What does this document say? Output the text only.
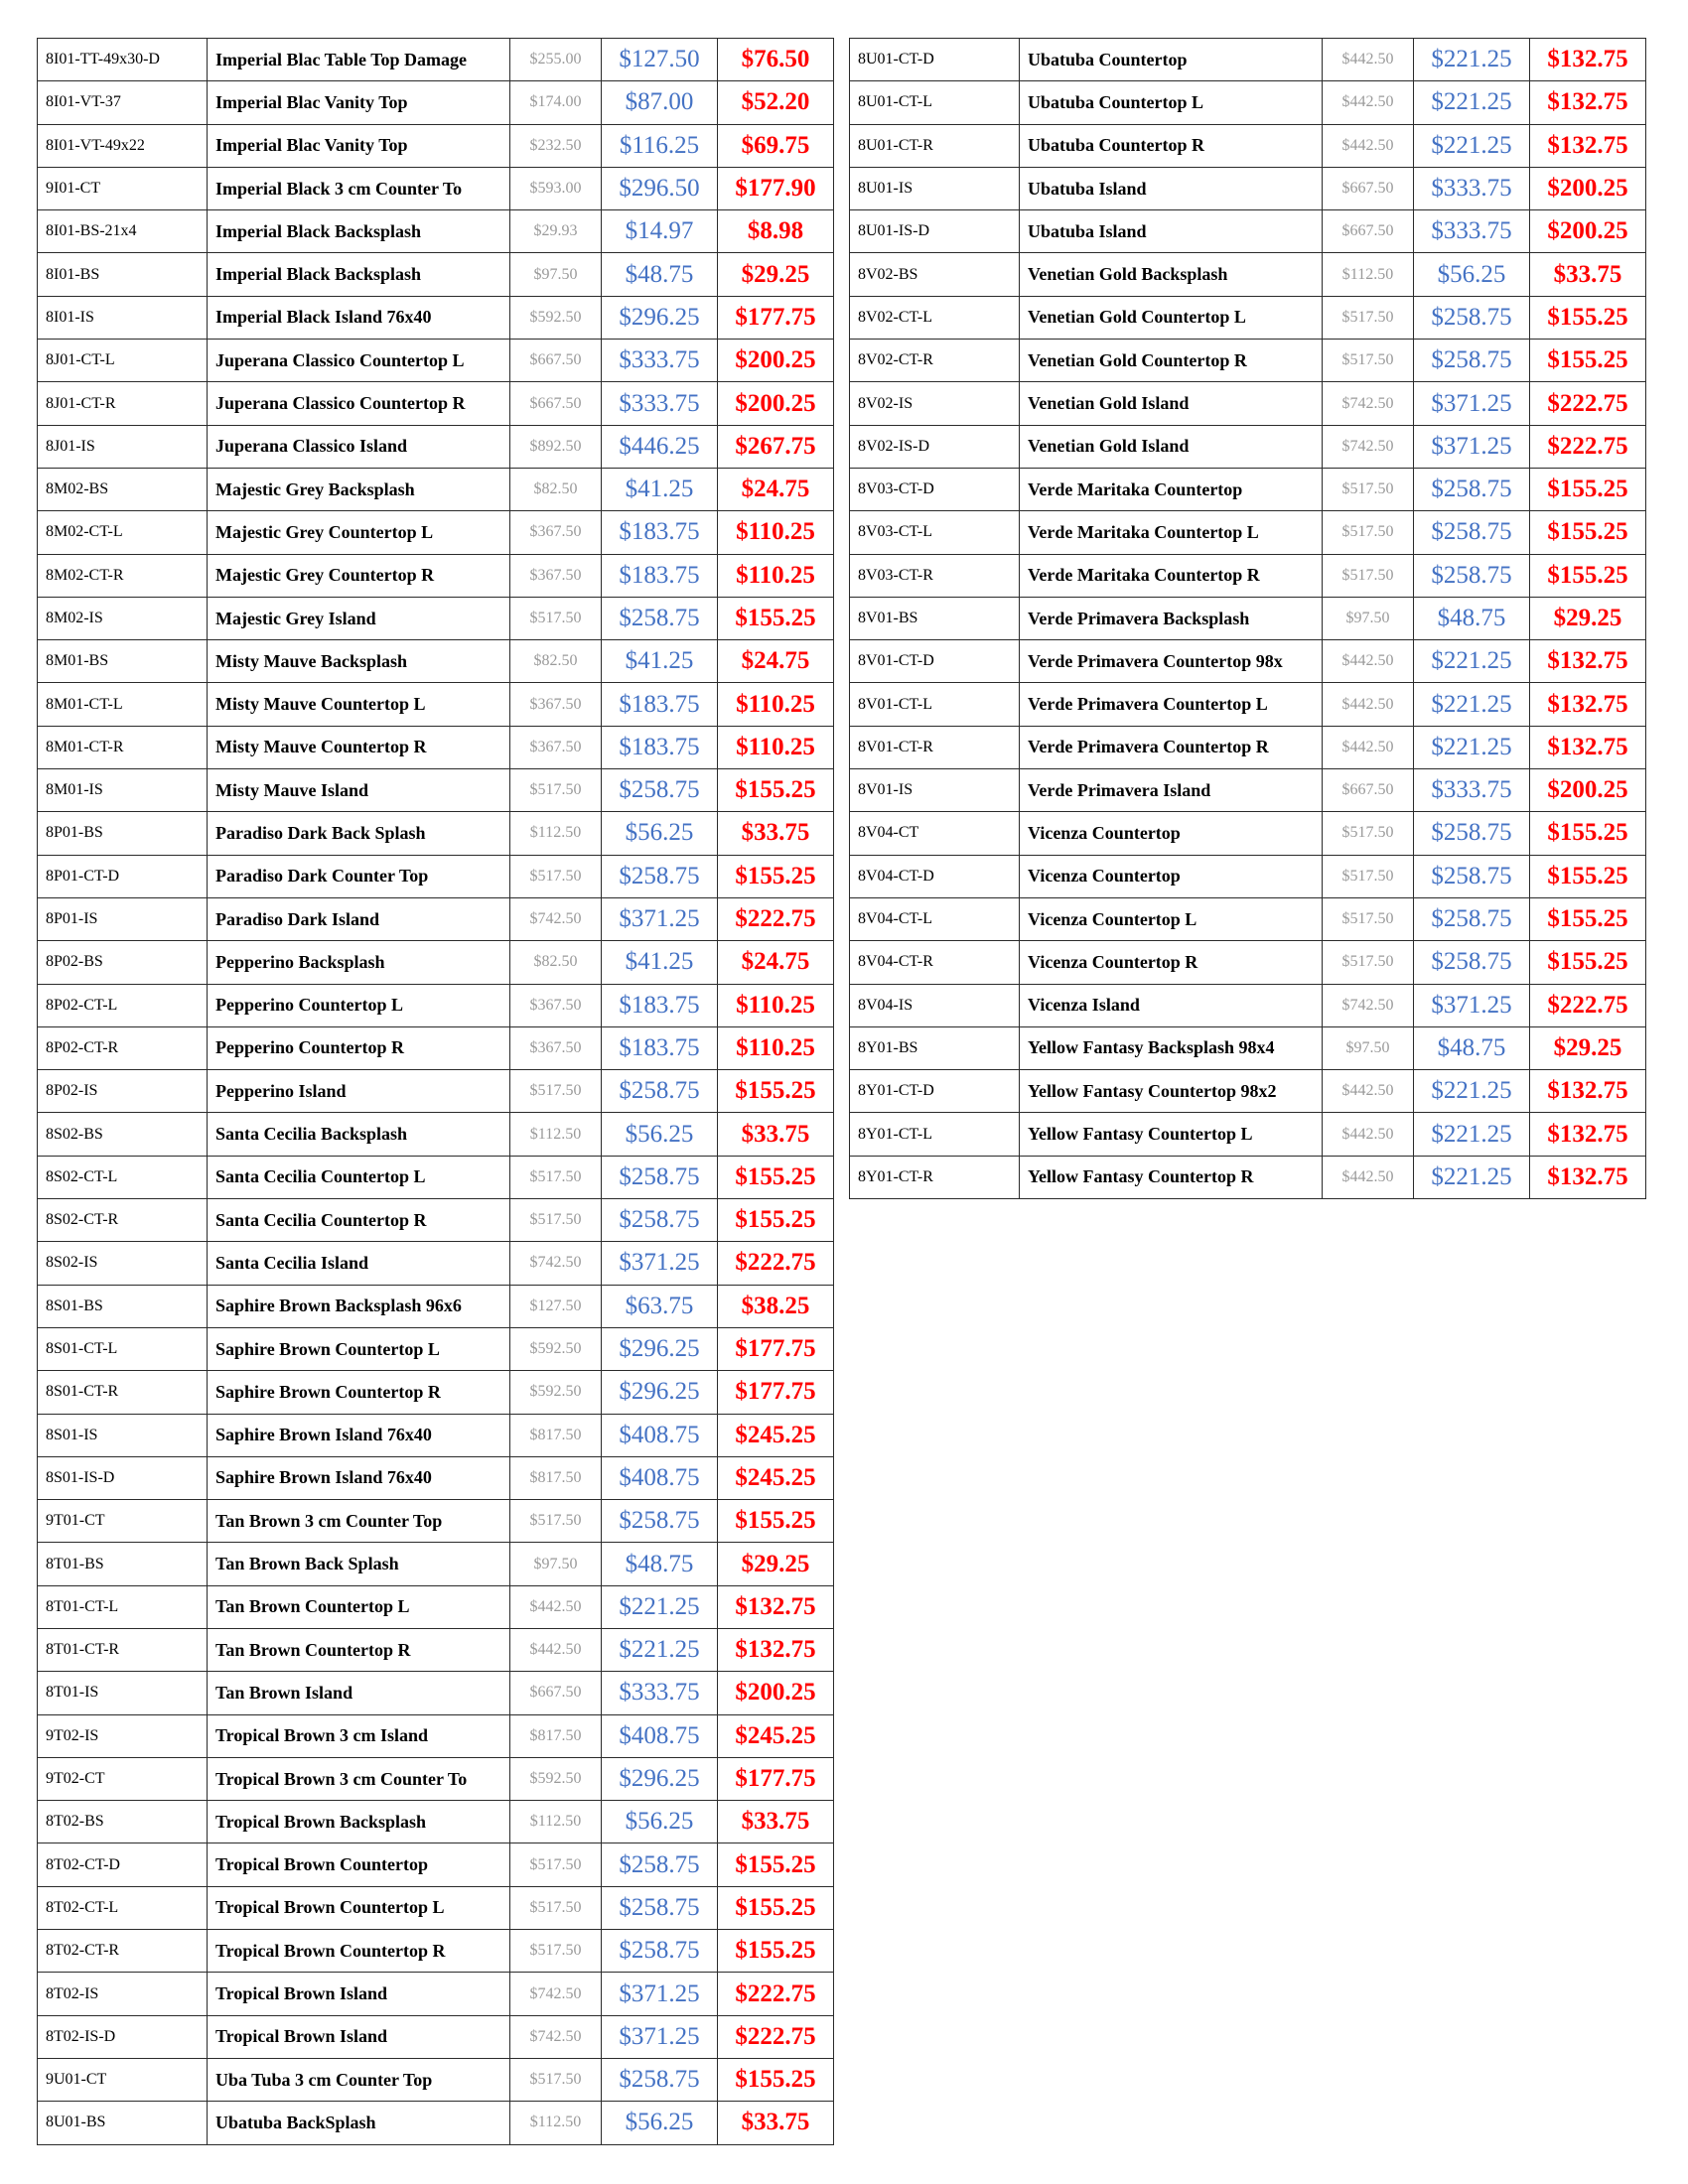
8I01-TT-49x30-D	Imperial Blac Table Top Damage	$255.00	$127.50	$76.50
8I01-VT-37	Imperial Blac Vanity Top	$174.00	$87.00	$52.20
8I01-VT-49x22	Imperial Blac Vanity Top	$232.50	$116.25	$69.75
9I01-CT	Imperial Black 3 cm Counter To	$593.00	$296.50	$177.90
8I01-BS-21x4	Imperial Black Backsplash	$29.93	$14.97	$8.98
8I01-BS	Imperial Black Backsplash	$97.50	$48.75	$29.25
8I01-IS	Imperial Black Island 76x40	$592.50	$296.25	$177.75
8J01-CT-L	Juperana Classico Countertop L	$667.50	$333.75	$200.25
8J01-CT-R	Juperana Classico Countertop R	$667.50	$333.75	$200.25
8J01-IS	Juperana Classico Island	$892.50	$446.25	$267.75
8M02-BS	Majestic Grey Backsplash	$82.50	$41.25	$24.75
8M02-CT-L	Majestic Grey Countertop L	$367.50	$183.75	$110.25
8M02-CT-R	Majestic Grey Countertop R	$367.50	$183.75	$110.25
8M02-IS	Majestic Grey Island	$517.50	$258.75	$155.25
8M01-BS	Misty Mauve Backsplash	$82.50	$41.25	$24.75
8M01-CT-L	Misty Mauve Countertop L	$367.50	$183.75	$110.25
8M01-CT-R	Misty Mauve Countertop R	$367.50	$183.75	$110.25
8M01-IS	Misty Mauve Island	$517.50	$258.75	$155.25
8P01-BS	Paradiso Dark Back Splash	$112.50	$56.25	$33.75
8P01-CT-D	Paradiso Dark Counter Top	$517.50	$258.75	$155.25
8P01-IS	Paradiso Dark Island	$742.50	$371.25	$222.75
8P02-BS	Pepperino Backsplash	$82.50	$41.25	$24.75
8P02-CT-L	Pepperino Countertop L	$367.50	$183.75	$110.25
8P02-CT-R	Pepperino Countertop R	$367.50	$183.75	$110.25
8P02-IS	Pepperino Island	$517.50	$258.75	$155.25
8S02-BS	Santa Cecilia Backsplash	$112.50	$56.25	$33.75
8S02-CT-L	Santa Cecilia Countertop L	$517.50	$258.75	$155.25
8S02-CT-R	Santa Cecilia Countertop R	$517.50	$258.75	$155.25
8S02-IS	Santa Cecilia Island	$742.50	$371.25	$222.75
8S01-BS	Saphire Brown Backsplash 96x6	$127.50	$63.75	$38.25
8S01-CT-L	Saphire Brown Countertop L	$592.50	$296.25	$177.75
8S01-CT-R	Saphire Brown Countertop R	$592.50	$296.25	$177.75
8S01-IS	Saphire Brown Island 76x40	$817.50	$408.75	$245.25
8S01-IS-D	Saphire Brown Island 76x40	$817.50	$408.75	$245.25
9T01-CT	Tan Brown 3 cm Counter Top	$517.50	$258.75	$155.25
8T01-BS	Tan Brown Back Splash	$97.50	$48.75	$29.25
8T01-CT-L	Tan Brown Countertop L	$442.50	$221.25	$132.75
8T01-CT-R	Tan Brown Countertop R	$442.50	$221.25	$132.75
8T01-IS	Tan Brown Island	$667.50	$333.75	$200.25
9T02-IS	Tropical Brown 3 cm Island	$817.50	$408.75	$245.25
9T02-CT	Tropical Brown 3 cm Counter To	$592.50	$296.25	$177.75
8T02-BS	Tropical Brown Backsplash	$112.50	$56.25	$33.75
8T02-CT-D	Tropical Brown Countertop	$517.50	$258.75	$155.25
8T02-CT-L	Tropical Brown Countertop L	$517.50	$258.75	$155.25
8T02-CT-R	Tropical Brown Countertop R	$517.50	$258.75	$155.25
8T02-IS	Tropical Brown Island	$742.50	$371.25	$222.75
8T02-IS-D	Tropical Brown Island	$742.50	$371.25	$222.75
9U01-CT	Uba Tuba 3 cm Counter Top	$517.50	$258.75	$155.25
8U01-BS	Ubatuba BackSplash	$112.50	$56.25	$33.75
8U01-CT-D	Ubatuba Countertop	$442.50	$221.25	$132.75
8U01-CT-L	Ubatuba Countertop L	$442.50	$221.25	$132.75
8U01-CT-R	Ubatuba Countertop R	$442.50	$221.25	$132.75
8U01-IS	Ubatuba Island	$667.50	$333.75	$200.25
8U01-IS-D	Ubatuba Island	$667.50	$333.75	$200.25
8V02-BS	Venetian Gold Backsplash	$112.50	$56.25	$33.75
8V02-CT-L	Venetian Gold Countertop L	$517.50	$258.75	$155.25
8V02-CT-R	Venetian Gold Countertop R	$517.50	$258.75	$155.25
8V02-IS	Venetian Gold Island	$742.50	$371.25	$222.75
8V02-IS-D	Venetian Gold Island	$742.50	$371.25	$222.75
8V03-CT-D	Verde Maritaka Countertop	$517.50	$258.75	$155.25
8V03-CT-L	Verde Maritaka Countertop L	$517.50	$258.75	$155.25
8V03-CT-R	Verde Maritaka Countertop R	$517.50	$258.75	$155.25
8V01-BS	Verde Primavera Backsplash	$97.50	$48.75	$29.25
8V01-CT-D	Verde Primavera Countertop 98x	$442.50	$221.25	$132.75
8V01-CT-L	Verde Primavera Countertop L	$442.50	$221.25	$132.75
8V01-CT-R	Verde Primavera Countertop R	$442.50	$221.25	$132.75
8V01-IS	Verde Primavera Island	$667.50	$333.75	$200.25
8V04-CT	Vicenza Countertop	$517.50	$258.75	$155.25
8V04-CT-D	Vicenza Countertop	$517.50	$258.75	$155.25
8V04-CT-L	Vicenza Countertop L	$517.50	$258.75	$155.25
8V04-CT-R	Vicenza Countertop R	$517.50	$258.75	$155.25
8V04-IS	Vicenza Island	$742.50	$371.25	$222.75
8Y01-BS	Yellow Fantasy Backsplash 98x4	$97.50	$48.75	$29.25
8Y01-CT-D	Yellow Fantasy Countertop 98x2	$442.50	$221.25	$132.75
8Y01-CT-L	Yellow Fantasy Countertop L	$442.50	$221.25	$132.75
8Y01-CT-R	Yellow Fantasy Countertop R	$442.50	$221.25	$132.75
